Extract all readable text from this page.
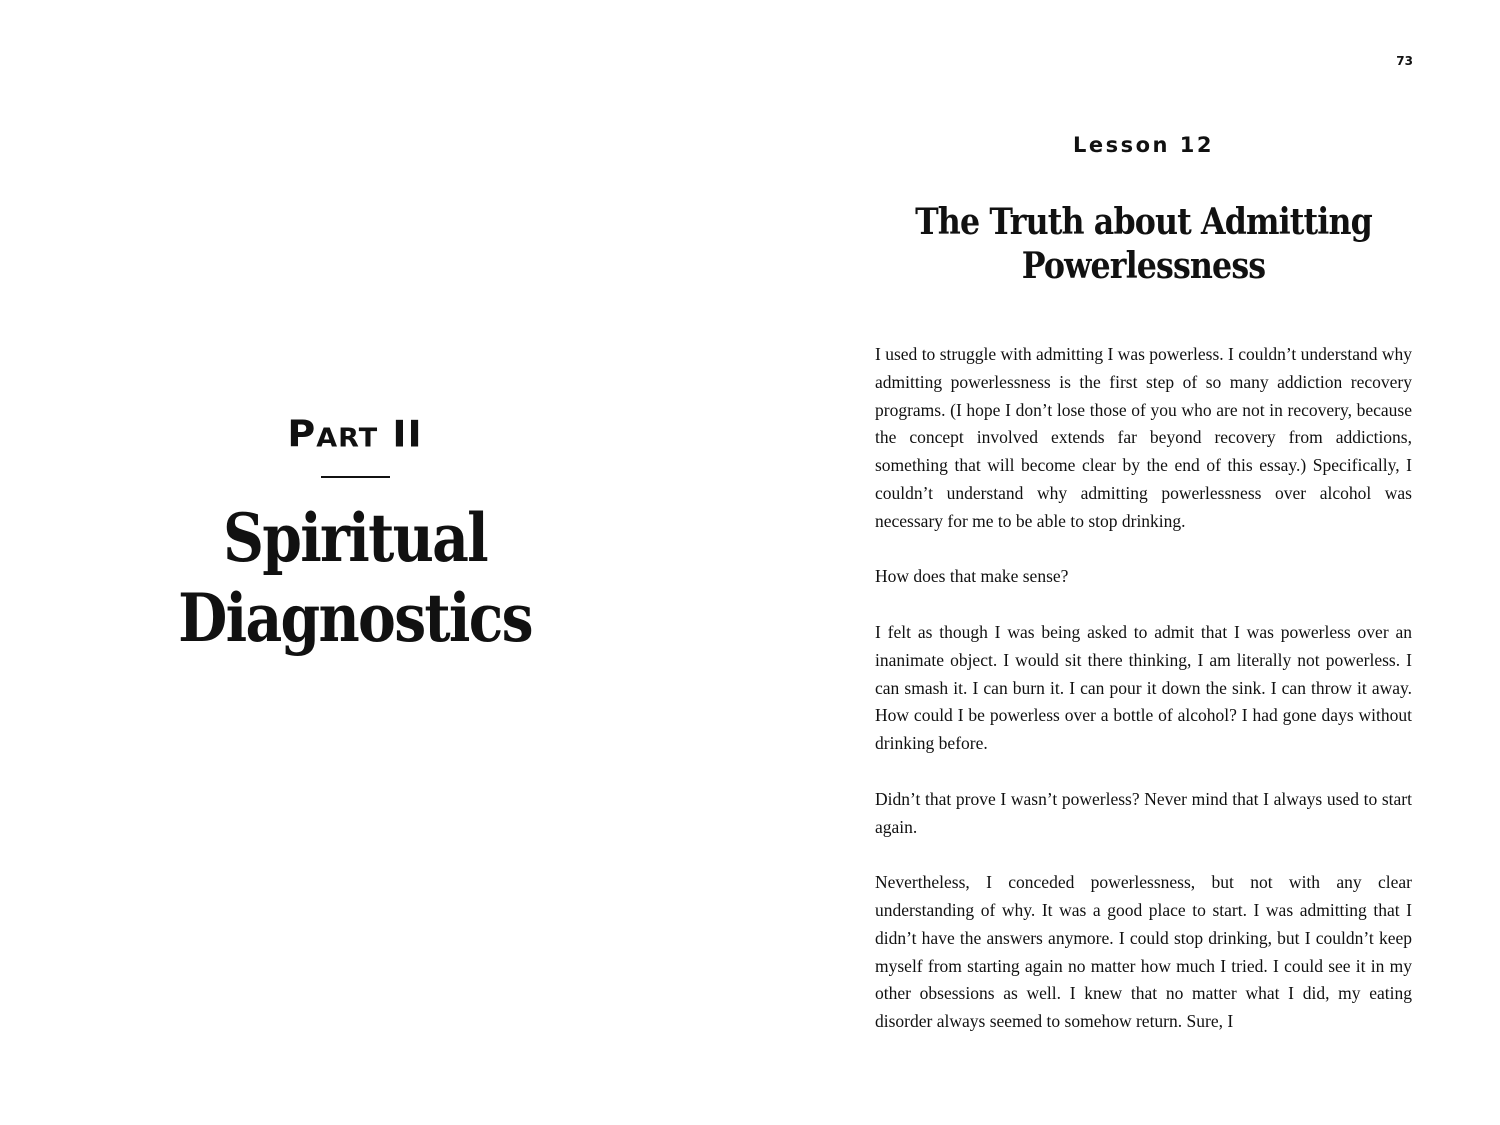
Part II
Spiritual
Diagnostics
73
Lesson 12
The Truth about Admitting
Powerlessness

I used to struggle with admitting I was powerless. I couldn’t understand why admitting powerlessness is the first step of so many addiction recovery programs. (I hope I don’t lose those of you who are not in recovery, because the concept involved extends far beyond recovery from addictions, something that will become clear by the end of this essay.) Specifically, I couldn’t understand why admitting powerlessness over alcohol was necessary for me to be able to stop drinking.

How does that make sense?

I felt as though I was being asked to admit that I was powerless over an inanimate object. I would sit there thinking, I am literally not powerless. I can smash it. I can burn it. I can pour it down the sink. I can throw it away. How could I be powerless over a bottle of alcohol? I had gone days without drinking before.

Didn’t that prove I wasn’t powerless? Never mind that I always used to start again.

Nevertheless, I conceded powerlessness, but not with any clear understanding of why. It was a good place to start. I was admitting that I didn’t have the answers anymore. I could stop drinking, but I couldn’t keep myself from starting again no matter how much I tried. I could see it in my other obsessions as well. I knew that no matter what I did, my eating disorder always seemed to somehow return. Sure, I
